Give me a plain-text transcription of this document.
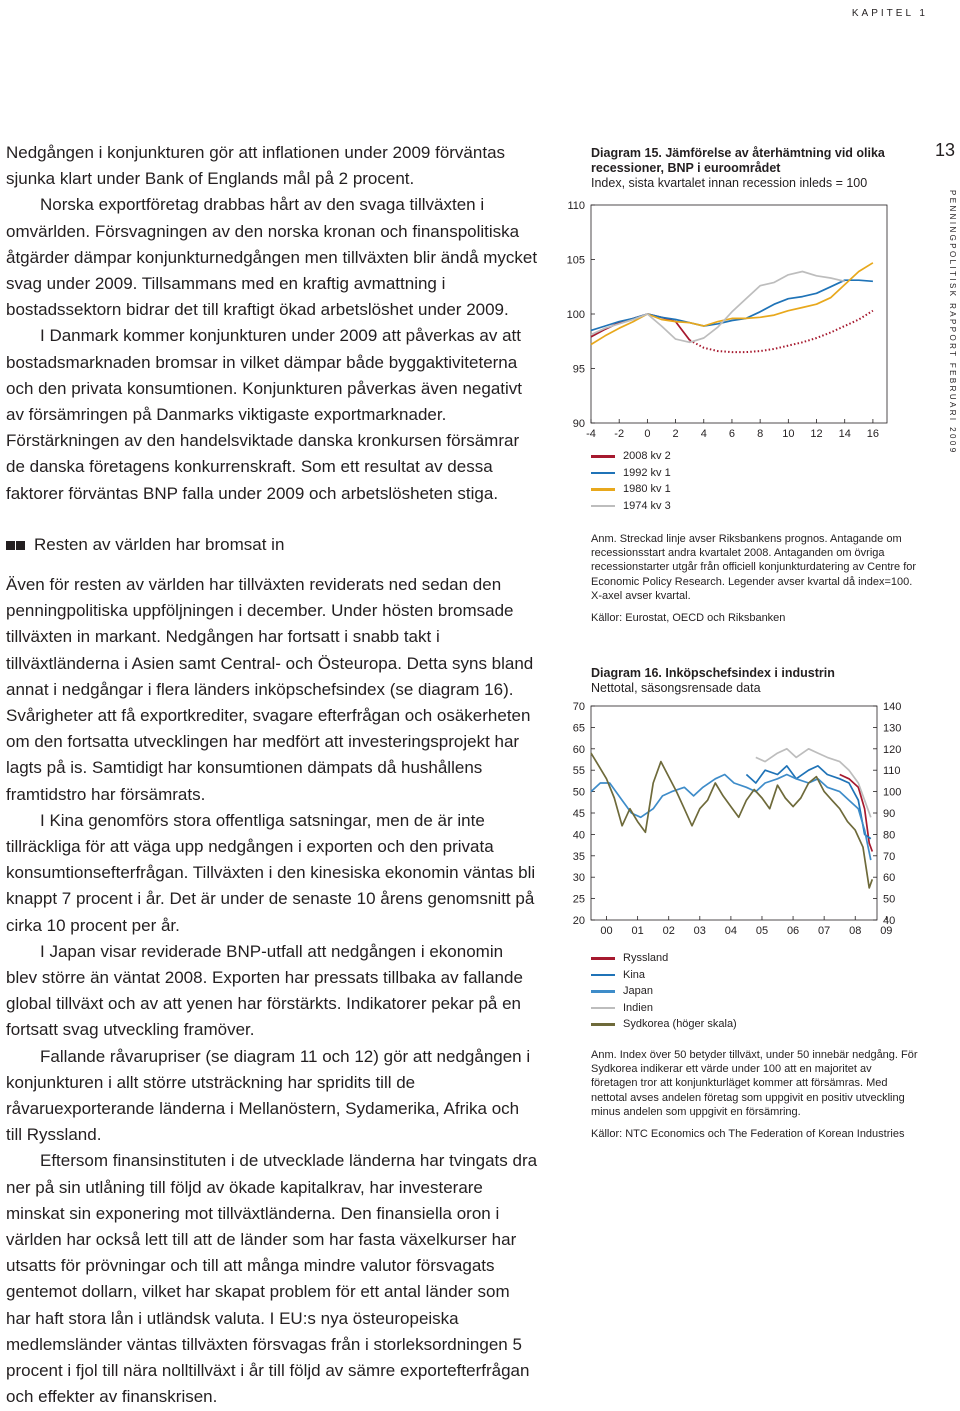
KAPITEL 1
13
PENNINGPOLITISK RAPPORT FEBRUARI 2009

Nedgången i konjunkturen gör att inflationen under 2009 förväntas sjunka klart under Bank of Englands mål på 2 procent.

Norska exportföretag drabbas hårt av den svaga tillväxten i omvärlden. Försvagningen av den norska kronan och finanspolitiska åtgärder dämpar konjunkturnedgången men tillväxten blir ändå mycket svag under 2009. Tillsammans med en kraftig avmattning i bostadssektorn bidrar det till kraftigt ökad arbetslöshet under 2009.

I Danmark kommer konjunkturen under 2009 att påverkas av att bostadsmarknaden bromsar in vilket dämpar både byggaktiviteterna och den privata konsumtionen. Konjunkturen påverkas även negativt av försämringen på Danmarks viktigaste exportmarknader. Förstärkningen av den handelsviktade danska kronkursen försämrar de danska företagens konkurrenskraft. Som ett resultat av dessa faktorer förväntas BNP falla under 2009 och arbetslösheten stiga.

Resten av världen har bromsat in

Även för resten av världen har tillväxten reviderats ned sedan den penningpolitiska uppföljningen i december. Under hösten bromsade tillväxten in markant. Nedgången har fortsatt i snabb takt i tillväxtländerna i Asien samt Central- och Östeuropa. Detta syns bland annat i nedgångar i flera länders inköpschefsindex (se diagram 16). Svårigheter att få exportkrediter, svagare efterfrågan och osäkerheten om den fortsatta utvecklingen har medfört att investeringsprojekt har lagts på is. Samtidigt har konsumtionen dämpats då hushållens framtidstro har försämrats.

I Kina genomförs stora offentliga satsningar, men de är inte tillräckliga för att väga upp nedgången i exporten och den privata konsumtionsefterfrågan. Tillväxten i den kinesiska ekonomin väntas bli knappt 7 procent i år. Det är under de senaste 10 årens genomsnitt på cirka 10 procent per år.

I Japan visar reviderade BNP-utfall att nedgången i ekonomin blev större än väntat 2008. Exporten har pressats tillbaka av fallande global tillväxt och av att yenen har förstärkts. Indikatorer pekar på en fortsatt svag utveckling framöver.

Fallande råvarupriser (se diagram 11 och 12) gör att nedgången i konjunkturen i allt större utsträckning har spridits till de råvaruexporterande länderna i Mellanöstern, Sydamerika, Afrika och till Ryssland.

Eftersom finansinstituten i de utvecklade länderna har tvingats dra ner på sin utlåning till följd av ökade kapitalkrav, har investerare minskat sin exponering mot tillväxtländerna. Den finansiella oron i världen har också lett till att de länder som har fasta växelkurser har utsatts för prövningar och till att många mindre valutor försvagats gentemot dollarn, vilket har skapat problem för ett antal länder som har haft stora lån i utländsk valuta. I EU:s nya östeuropeiska medlemsländer väntas tillväxten försvagas från i storleksordningen 5 procent i fjol till nära nolltillväxt i år till följd av sämre exportefterfrågan och effekter av finanskrisen.

Diagram 15. Jämförelse av återhämtning vid olika recessioner, BNP i euroområdet
Index, sista kvartalet innan recession inleds = 100
90
95
100
105
110
-4 -2 0 2 4 6 8 10 12 14 16
2008 kv 2
1992 kv 1
1980 kv 1
1974 kv 3

Anm. Streckad linje avser Riksbankens prognos. Antagande om recessionsstart andra kvartalet 2008. Antaganden om övriga recessionstarter utgår från officiell konjunkturdatering av Centre for Economic Policy Research. Legender avser kvartal då index=100. X-axel avser kvartal.

Källor: Eurostat, OECD och Riksbanken

Diagram 16. Inköpschefsindex i industrin
Nettotal, säsongsrensade data
20
25
30
35
40
45
50
55
60
65
70
40
50
60
70
80
90
100
110
120
130
140
00 01 02 03 04 05 06 07 08 09
Ryssland
Kina
Japan
Indien
Sydkorea (höger skala)

Anm. Index över 50 betyder tillväxt, under 50 innebär nedgång. För Sydkorea indikerar ett värde under 100 att en majoritet av företagen tror att konjunkturläget kommer att försämras. Med nettotal avses andelen företag som uppgivit en positiv utveckling minus andelen som uppgivit en försämring.

Källor: NTC Economics och The Federation of Korean Industries
